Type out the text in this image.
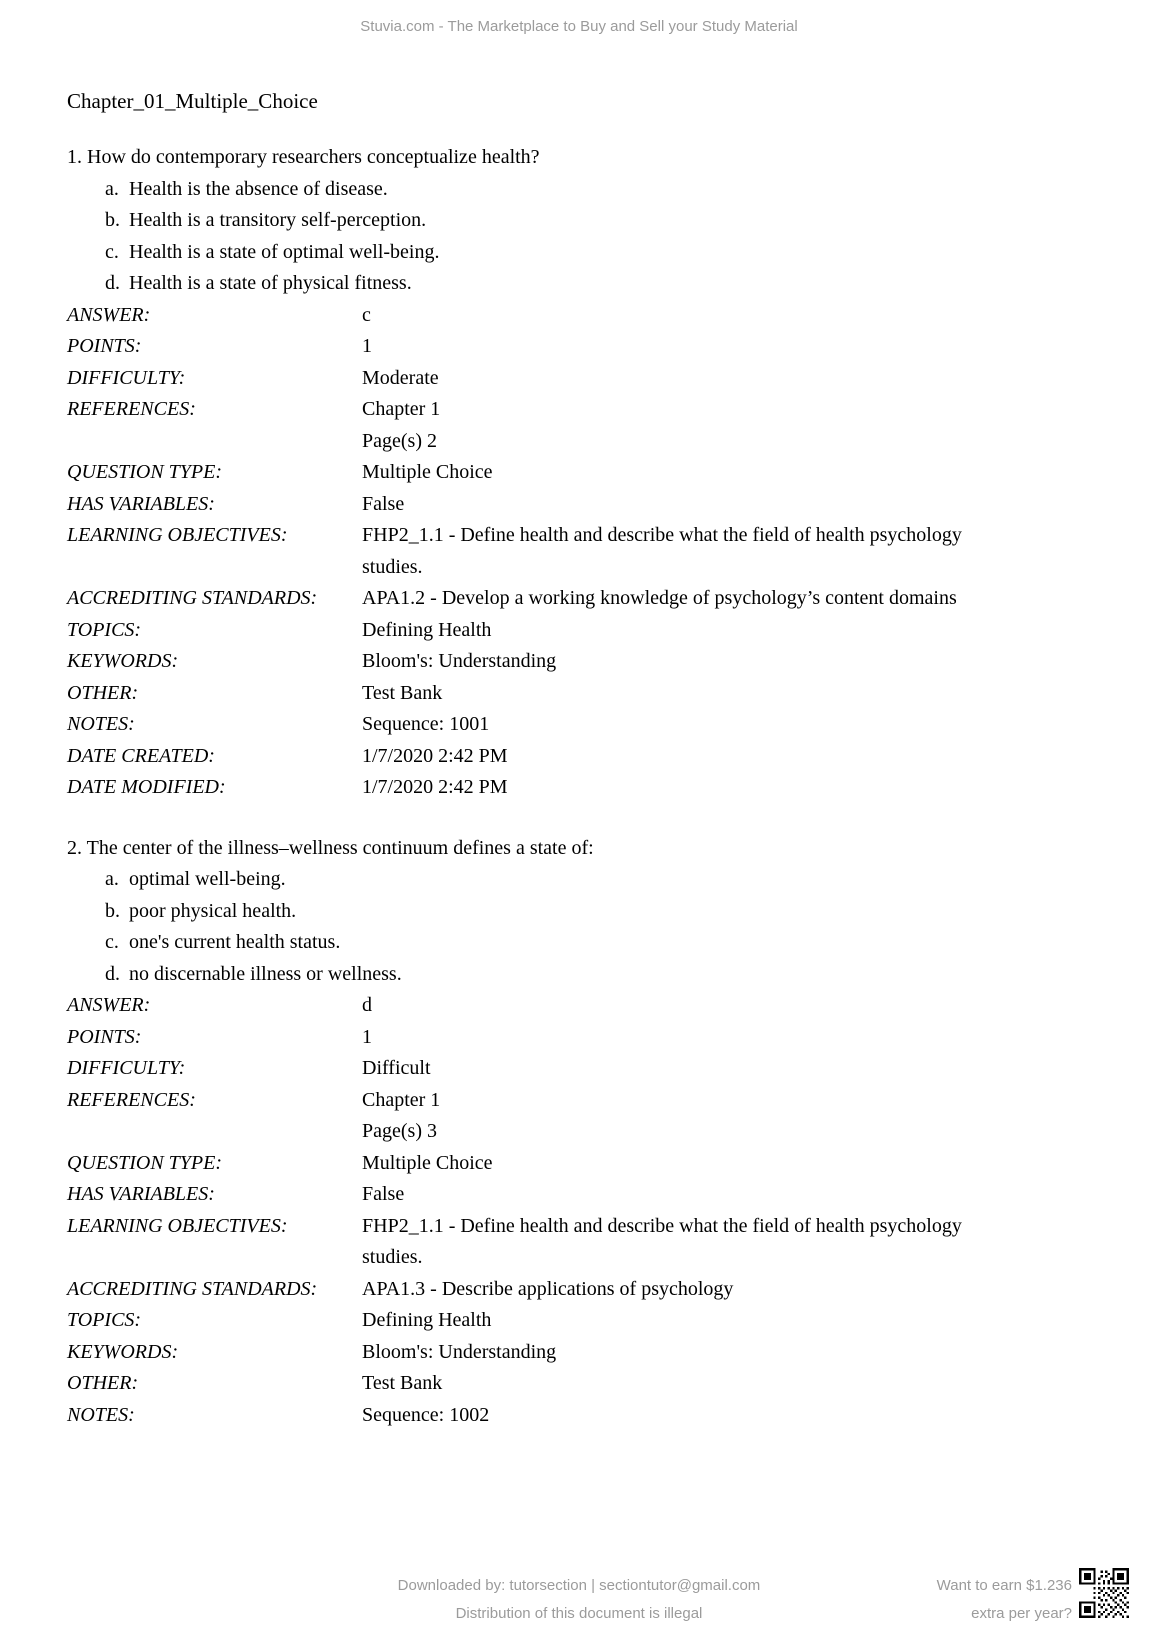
Stuvia.com - The Marketplace to Buy and Sell your Study Material
Chapter_01_Multiple_Choice
1. How do contemporary researchers conceptualize health?
a. Health is the absence of disease.
b. Health is a transitory self-perception.
c. Health is a state of optimal well-being.
d. Health is a state of physical fitness.
ANSWER:	c
POINTS:	1
DIFFICULTY:	Moderate
REFERENCES:	Chapter 1
Page(s) 2
QUESTION TYPE:	Multiple Choice
HAS VARIABLES:	False
LEARNING OBJECTIVES:	FHP2_1.1 - Define health and describe what the field of health psychology studies.
ACCREDITING STANDARDS:	APA1.2 - Develop a working knowledge of psychology’s content domains
TOPICS:	Defining Health
KEYWORDS:	Bloom's: Understanding
OTHER:	Test Bank
NOTES:	Sequence: 1001
DATE CREATED:	1/7/2020 2:42 PM
DATE MODIFIED:	1/7/2020 2:42 PM
2. The center of the illness–wellness continuum defines a state of:
a. optimal well-being.
b. poor physical health.
c. one's current health status.
d. no discernable illness or wellness.
ANSWER:	d
POINTS:	1
DIFFICULTY:	Difficult
REFERENCES:	Chapter 1
Page(s) 3
QUESTION TYPE:	Multiple Choice
HAS VARIABLES:	False
LEARNING OBJECTIVES:	FHP2_1.1 - Define health and describe what the field of health psychology studies.
ACCREDITING STANDARDS:	APA1.3 - Describe applications of psychology
TOPICS:	Defining Health
KEYWORDS:	Bloom's: Understanding
OTHER:	Test Bank
NOTES:	Sequence: 1002
Downloaded by: tutorsection | sectiontutor@gmail.com
Distribution of this document is illegal
Want to earn $1.236
extra per year?
